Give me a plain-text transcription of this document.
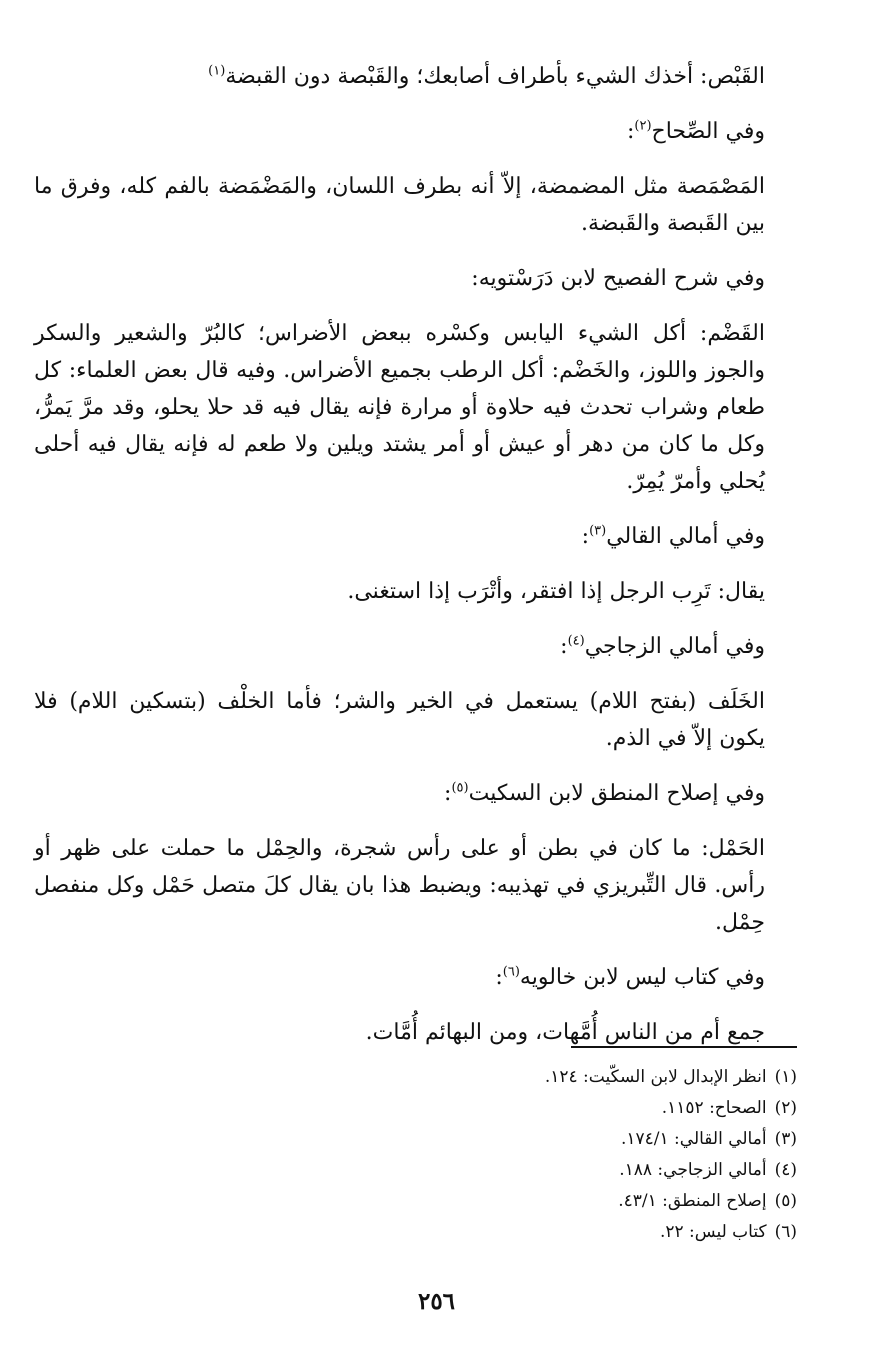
القَبْص: أخذك الشيء بأطراف أصابعك؛ والقَبْصة دون القبضة$^{(١)}$

وفي الصِّحاح$^{(٢)}$:

المَصْمَصة مثل المضمضة، إلاّ أنه بطرف اللسان، والمَضْمَضة بالفم كله، وفرق ما بين القَبصة والقَبضة.

وفي شرح الفصيح لابن دَرَسْتويه:

القَضْم: أكل الشيء اليابس وكسْره ببعض الأضراس؛ كالبُرّ والشعير والسكر والجوز واللوز، والخَضْم: أكل الرطب بجميع الأضراس. وفيه قال بعض العلماء: كل طعام وشراب تحدث فيه حلاوة أو مرارة فإنه يقال فيه قد حلا يحلو، وقد مرَّ يَمرُّ، وكل ما كان من دهر أو عيش أو أمر يشتد ويلين ولا طعم له فإنه يقال فيه أحلى يُحلي وأمرّ يُمِرّ.

وفي أمالي القالي$^{(٣)}$:

يقال: تَرِب الرجل إذا افتقر، وأتْرَب إذا استغنى.

وفي أمالي الزجاجي$^{(٤)}$:

الخَلَف (بفتح اللام) يستعمل في الخير والشر؛ فأما الخلْف (بتسكين اللام) فلا يكون إلاّ في الذم.

وفي إصلاح المنطق لابن السكيت$^{(٥)}$:

الحَمْل: ما كان في بطن أو على رأس شجرة، والحِمْل ما حملت على ظهر أو رأس. قال التِّبريزي في تهذيبه: ويضبط هذا بان يقال كلَ متصل حَمْل وكل منفصل حِمْل.

وفي كتاب ليس لابن خالويه$^{(٦)}$:

جمع أم من الناس أُمَّهات، ومن البهائم أُمَّات.

(١)انظر الإبدال لابن السكّيت: ١٢٤.
(٢)الصحاح: ١١٥٢.
(٣)أمالي القالي: ١٧٤/١.
(٤)أمالي الزجاجي: ١٨٨.
(٥)إصلاح المنطق: ٤٣/١.
(٦)كتاب ليس: ٢٢.
٢٥٦
